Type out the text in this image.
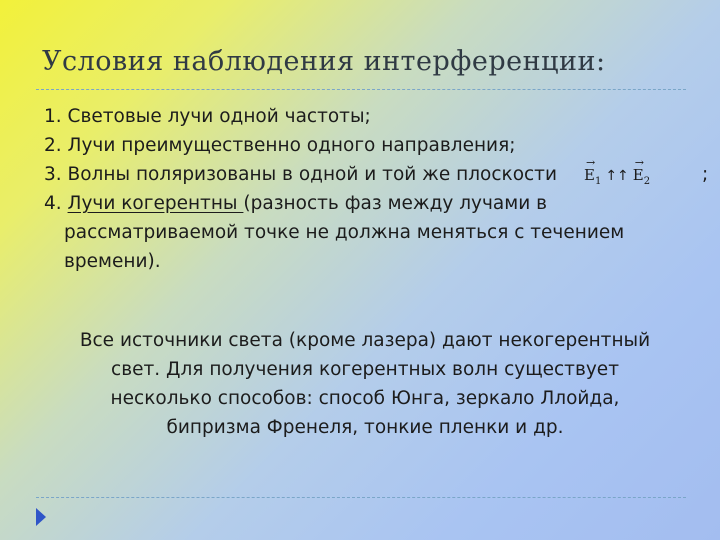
Условия наблюдения интерференции:
1. Световые лучи одной частоты;
2. Лучи преимущественно одного направления;
3. Волны поляризованы в одной и той же плоскости → $E_1$ ↑↑ → $E_2$	;
4. Лучи когерентны (разность фаз между лучами в
рассматриваемой точке не должна меняться с течением
времени).

Все источники света (кроме лазера) дают некогерентный
свет. Для получения когерентных волн существует
несколько способов: способ Юнга, зеркало Ллойда,
бипризма Френеля, тонкие пленки и др.
